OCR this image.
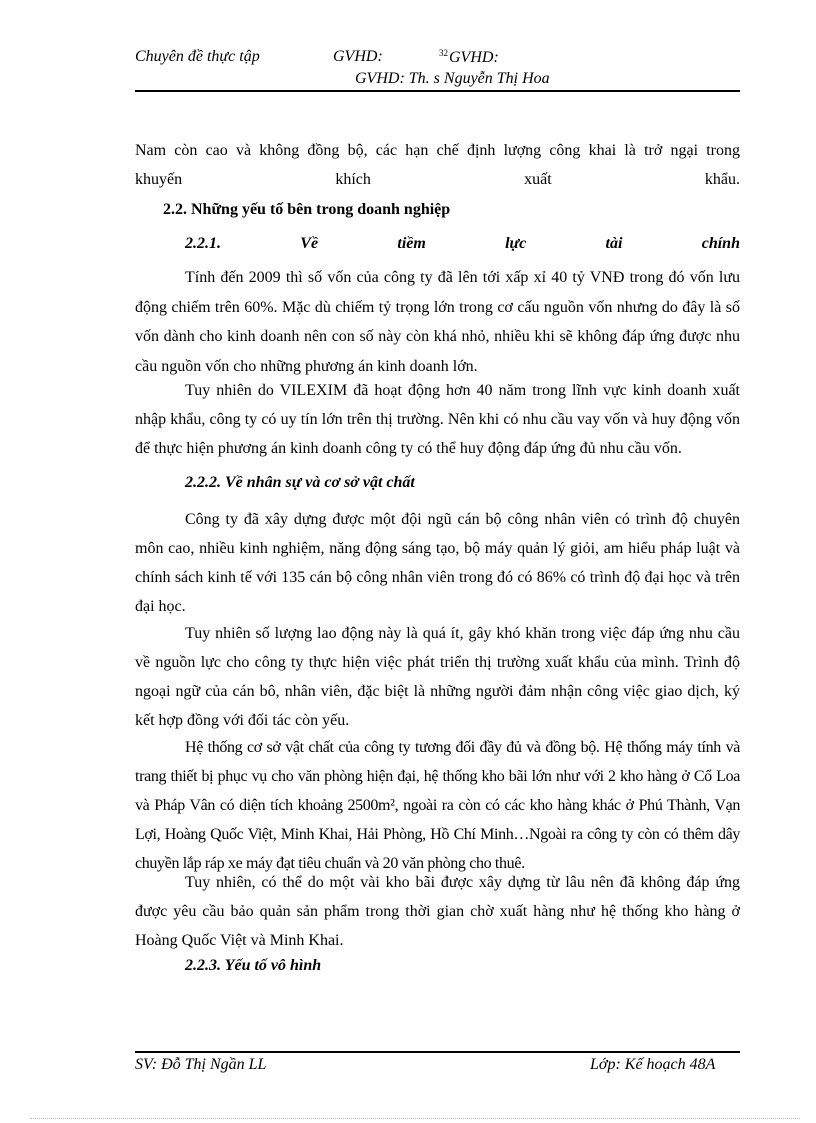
Chuyên đề thực tập	GVHD:	$^{32}$GVHD:
GVHD: Th. s Nguyễn Thị Hoa
Nam còn cao và không đồng bộ, các hạn chế định lượng công khai là trở ngại trong
khuyến	khích	xuất	khẩu.
2.2. Những yếu tố bên trong doanh nghiệp
2.2.1.	Về	tiềm	lực	tài	chính
Tính đến 2009 thì số vốn của công ty đã lên tới xấp xỉ 40 tỷ VNĐ trong đó vốn lưu động chiếm trên 60%. Mặc dù chiếm tỷ trọng lớn trong cơ cấu nguồn vốn nhưng do đây là số vốn dành cho kinh doanh nên con số này còn khá nhỏ, nhiều khi sẽ không đáp ứng được nhu cầu nguồn vốn cho những phương án kinh doanh lớn.
Tuy nhiên do VILEXIM đã hoạt động hơn 40 năm trong lĩnh vực kinh doanh xuất nhập khẩu, công ty có uy tín lớn trên thị trường. Nên khi có nhu cầu vay vốn và huy động vốn để thực hiện phương án kinh doanh công ty có thể huy động đáp ứng đủ nhu cầu vốn.
2.2.2. Về nhân sự và cơ sở vật chất
Công ty đã xây dựng được một đội ngũ cán bộ công nhân viên có trình độ chuyên môn cao, nhiều kinh nghiệm, năng động sáng tạo, bộ máy quản lý giỏi, am hiểu pháp luật và chính sách kinh tế với 135 cán bộ công nhân viên trong đó có 86% có trình độ đại học và trên đại học.
Tuy nhiên số lượng lao động này là quá ít, gây khó khăn trong việc đáp ứng nhu cầu về nguồn lực cho công ty thực hiện việc phát triển thị trường xuất khẩu của mình. Trình độ ngoại ngữ của cán bô, nhân viên, đặc biệt là những người đảm nhận công việc giao dịch, ký kết hợp đồng với đối tác còn yếu.
Hệ thống cơ sở vật chất của công ty tương đối đầy đủ và đồng bộ. Hệ thống máy tính và trang thiết bị phục vụ cho văn phòng hiện đại, hệ thống kho bãi lớn như với 2 kho hàng ở Cổ Loa và Pháp Vân có diện tích khoảng 2500m², ngoài ra còn có các kho hàng khác ở Phú Thành, Vạn Lợi, Hoàng Quốc Việt, Minh Khai, Hải Phòng, Hồ Chí Minh…Ngoài ra công ty còn có thêm dây chuyền lắp ráp xe máy đạt tiêu chuẩn và 20 văn phòng cho thuê.
Tuy nhiên, có thể do một vài kho bãi được xây dựng từ lâu nên đã không đáp ứng được yêu cầu bảo quản sản phẩm trong thời gian chờ xuất hàng như hệ thống kho hàng ở Hoàng Quốc Việt và Minh Khai.
2.2.3. Yếu tố vô hình
SV: Đỗ Thị Ngần LL	Lớp: Kế hoạch 48A
